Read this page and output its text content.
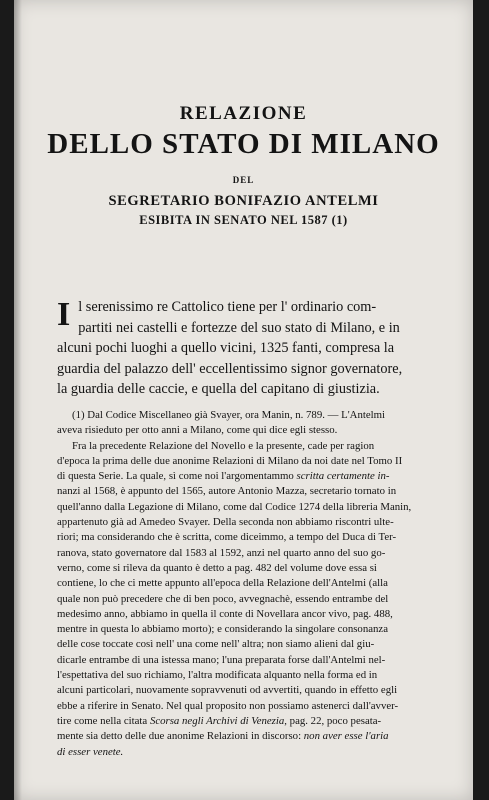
RELAZIONE
DELLO STATO DI MILANO
DEL
SEGRETARIO BONIFAZIO ANTELMI
ESIBITA IN SENATO NEL 1587 (1)
I l serenissimo re Cattolico tiene per l' ordinario com-
partiti nei castelli e fortezze del suo stato di Milano, e in
alcuni pochi luoghi a quello vicini, 1325 fanti, compresa la
guardia del palazzo dell' eccellentissimo signor governatore,
la guardia delle caccie, e quella del capitano di giustizia.
(1) Dal Codice Miscellaneo già Svayer, ora Manin, n. 789. — L'Antelmi
aveva risieduto per otto anni a Milano, come qui dice egli stesso.
Fra la precedente Relazione del Novello e la presente, cade per ragion
d'epoca la prima delle due anonime Relazioni di Milano da noi date nel Tomo II
di questa Serie. La quale, sì come noi l'argomentammo scritta certamente in-
nanzi al 1568, è appunto del 1565, autore Antonio Mazza, secretario tornato in
quell'anno dalla Legazione di Milano, come dal Codice 1274 della libreria Manin,
appartenuto già ad Amedeo Svayer. Della seconda non abbiamo riscontri ulte-
riori; ma considerando che è scritta, come diceimmo, a tempo del Duca di Ter-
ranova, stato governatore dal 1583 al 1592, anzi nel quarto anno del suo go-
verno, come si rileva da quanto è detto a pag. 482 del volume dove essa si
contiene, lo che ci mette appunto all'epoca della Relazione dell'Antelmi (alla
quale non può precedere che di ben poco, avvegnachè, essendo entrambe del
medesimo anno, abbiamo in quella il conte di Novellara ancor vivo, pag. 488,
mentre in questa lo abbiamo morto); e considerando la singolare consonanza
delle cose toccate così nell' una come nell' altra; non siamo alieni dal giu-
dicarle entrambe di una istessa mano; l'una preparata forse dall'Antelmi nel-
l'espettativa del suo richiamo, l'altra modificata alquanto nella forma ed in
alcuni particolari, nuovamente sopravvenuti od avvertiti, quando in effetto egli
ebbe a riferire in Senato. Nel qual proposito non possiamo astenerci dall'avver-
tire come nella citata Scorsa negli Archivi di Venezia, pag. 22, poco pesata-
mente sia detto delle due anonime Relazioni in discorso: non aver esse l'aria
di esser venete.
